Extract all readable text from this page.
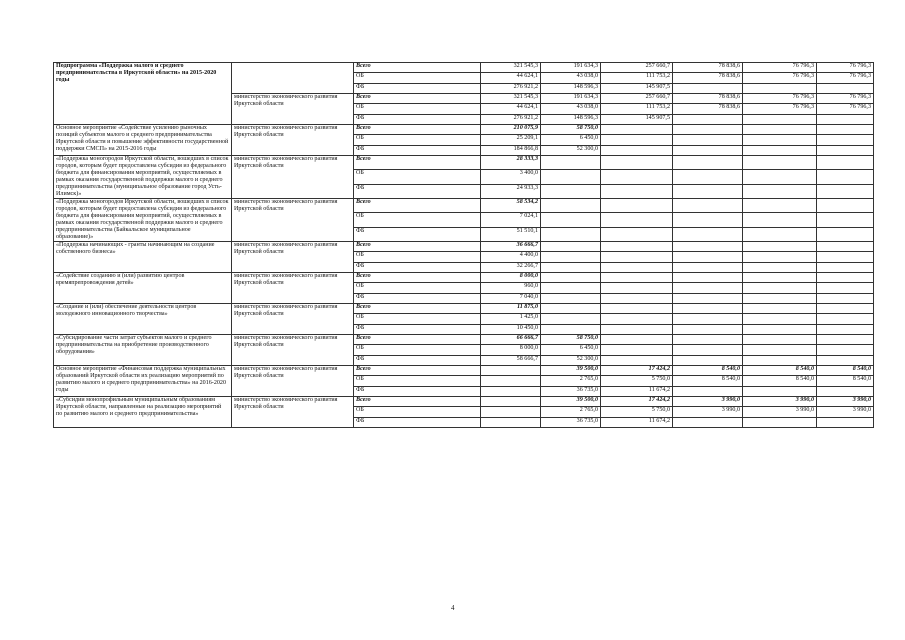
Подпрограмма «Поддержка малого и среднего предпринимательства в Иркутской области» на 2015-2020 годы		Всего	321 545,3	191 634,3	257 660,7	78 838,6	76 796,3	76 796,3
		ОБ	44 624,1	43 038,0	111 753,2	78 838,6	76 796,3	76 796,3
		ФБ	276 921,2	148 596,3	145 907,5			
	министерство экономического развития Иркутской области	Всего	321 545,3	191 634,3	257 660,7	78 838,6	76 796,3	76 796,3
		ОБ	44 624,1	43 038,0	111 753,2	78 838,6	76 796,3	76 796,3
		ФБ	276 921,2	148 596,3	145 907,5			
Основное мероприятие «Содействие усилению рыночных позиций субъектов малого и среднего предпринимательства Иркутской области и повышение эффективности государственной поддержки СМСП» на 2015-2016 годы	министерство экономического развития Иркутской области	Всего	210 075,9	58 750,0				
		ОБ	25 209,1	6 450,0				
		ФБ	184 866,8	52 300,0				
«Поддержка моногородов Иркутской области, вошедших в список городов, которым будет предоставлена субсидия из федерального бюджета для финансирования мероприятий, осуществляемых в рамках оказания государственной поддержки малого и среднего предпринимательства (муниципальное образование город Усть-Илимск)»	министерство экономического развития Иркутской области	Всего	28 333,3					
		ОБ	3 400,0					
		ФБ	24 933,3					
«Поддержка моногородов Иркутской области, вошедших в список городов, которым будет предоставлена субсидия из федерального бюджета для финансирования мероприятий, осуществляемых в рамках оказания государственной поддержки малого и среднего предпринимательства (Байкальское муниципальное образование)»	министерство экономического развития Иркутской области	Всего	58 534,2					
		ОБ	7 024,1					
		ФБ	51 510,1					
«Поддержка начинающих - гранты начинающим на создание собственного бизнеса»	министерство экономического развития Иркутской области	Всего	36 666,7					
		ОБ	4 400,0					
		ФБ	32 266,7					
«Содействие созданию и (или) развитию центров времяпрепровождения детей»	министерство экономического развития Иркутской области	Всего	8 000,0					
		ОБ	960,0					
		ФБ	7 040,0					
«Создание и (или) обеспечение деятельности центров молодежного инновационного творчества»	министерство экономического развития Иркутской области	Всего	11 875,0					
		ОБ	1 425,0					
		ФБ	10 450,0					
«Субсидирование части затрат субъектов малого и среднего предпринимательства на приобретение производственного оборудования»	министерство экономического развития Иркутской области	Всего	66 666,7	58 750,0				
		ОБ	8 000,0	6 450,0				
		ФБ	58 666,7	52 300,0				
Основное мероприятие «Финансовая поддержка муниципальных образований Иркутской области их реализацию мероприятий по развитию малого и среднего предпринимательства» на 2016-2020 годы	министерство экономического развития Иркутской области	Всего		39 500,0	17 424,2	8 540,0	8 540,0	8 540,0
		ОБ		2 765,0	5 750,0	8 540,0	8 540,0	8 540,0
		ФБ		36 735,0	11 674,2			
«Субсидии монопрофильным муниципальным образованиям Иркутской области, направленные на реализацию мероприятий по развитию малого и среднего предпринимательства»	министерство экономического развития Иркутской области	Всего		39 500,0	17 424,2	3 990,0	3 990,0	3 990,0
		ОБ		2 765,0	5 750,0	3 990,0	3 990,0	3 990,0
		ФБ		36 735,0	11 674,2			
4
